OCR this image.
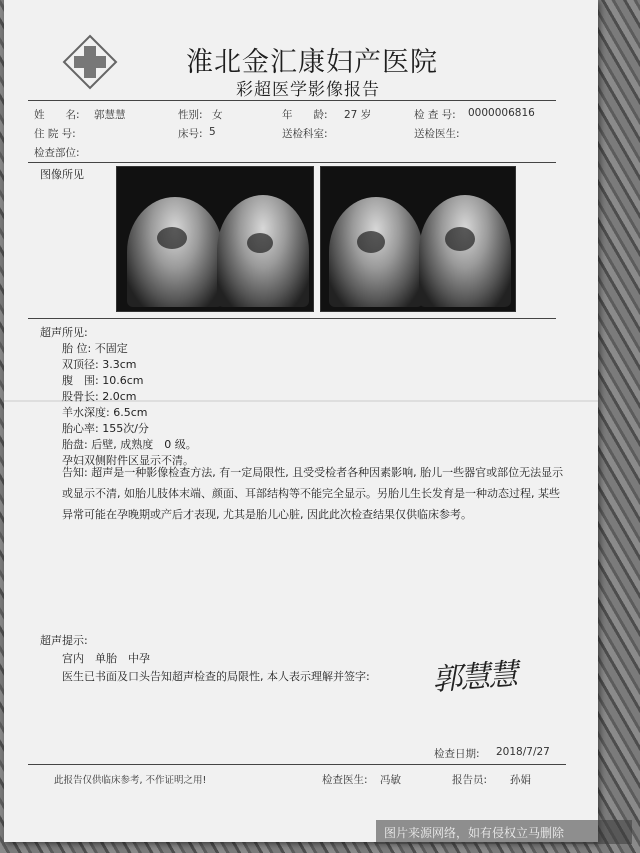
淮北金汇康妇产医院
彩超医学影像报告
姓　　名: 郭慧慧	性别: 女	年　　龄: 27 岁	检 查 号: 0000006816
住 院 号:	床号: 5	送检科室:	送检医生:
检查部位:
图像所见
超声所见:
胎 位: 不固定
双顶径: 3.3cm
腹　围: 10.6cm
股骨长: 2.0cm
羊水深度: 6.5cm
胎心率: 155次/分
胎盘: 后壁, 成熟度　0 级。
孕妇双侧附件区显示不清。
告知: 超声是一种影像检查方法, 有一定局限性, 且受受检者各种因素影响, 胎儿一些器官或部位无法显示或显示不清, 如胎儿肢体末端、颜面、耳部结构等不能完全显示。另胎儿生长发育是一种动态过程, 某些异常可能在孕晚期或产后才表现, 尤其是胎儿心脏, 因此此次检查结果仅供临床参考。
超声提示:
宫内　单胎　中孕
医生已书面及口头告知超声检查的局限性, 本人表示理解并签字: 郭慧慧
检查日期: 2018/7/27
此报告仅供临床参考, 不作证明之用!	检查医生: 冯敏	报告员: 孙娟
图片来源网络，如有侵权立马删除
